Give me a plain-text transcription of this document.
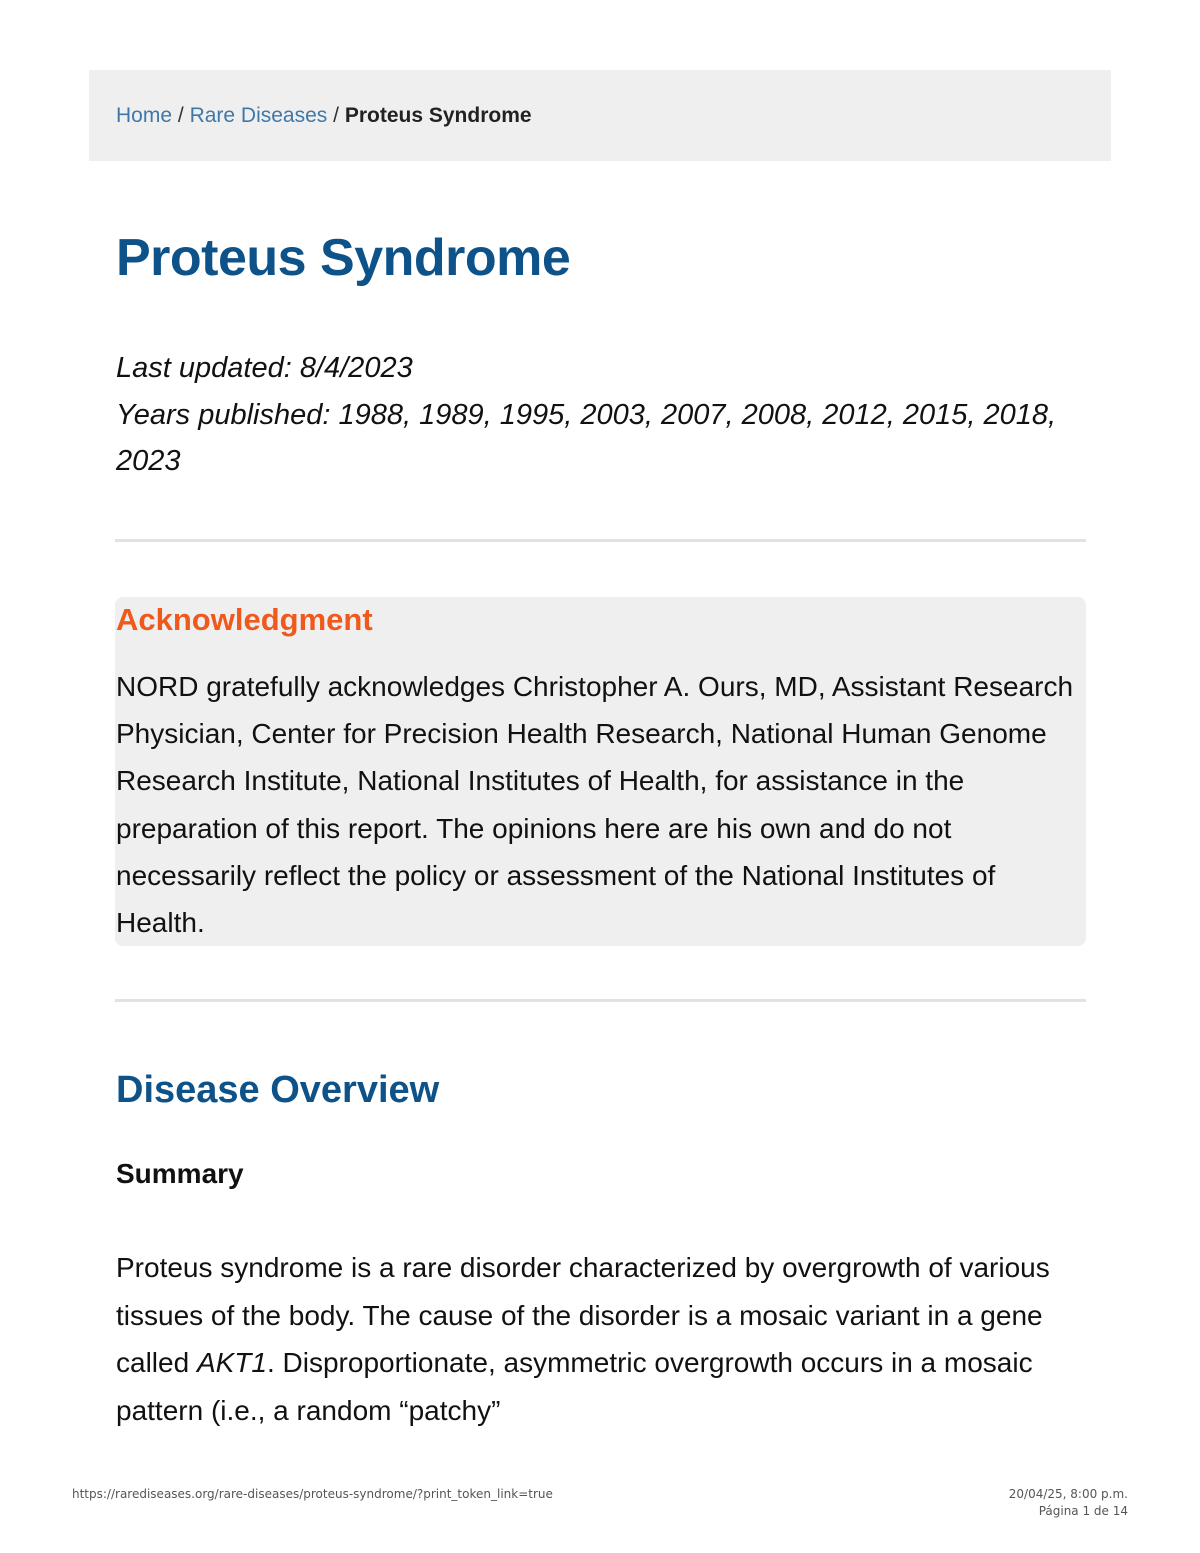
Home / Rare Diseases / Proteus Syndrome
Proteus Syndrome

Last updated: 8/4/2023

Years published: 1988, 1989, 1995, 2003, 2007, 2008, 2012, 2015, 2018, 2023

Acknowledgment

NORD gratefully acknowledges Christopher A. Ours, MD, Assistant Research Physician, Center for Precision Health Research, National Human Genome Research Institute, National Institutes of Health, for assistance in the preparation of this report. The opinions here are his own and do not necessarily reflect the policy or assessment of the National Institutes of Health.

Disease Overview
Summary

Proteus syndrome is a rare disorder characterized by overgrowth of various tissues of the body. The cause of the disorder is a mosaic variant in a gene called AKT1. Disproportionate, asymmetric overgrowth occurs in a mosaic pattern (i.e., a random “patchy”

https://rarediseases.org/rare-diseases/proteus-syndrome/?print_token_link=true	20/04/25, 8:00 p.m.
Página 1 de 14
